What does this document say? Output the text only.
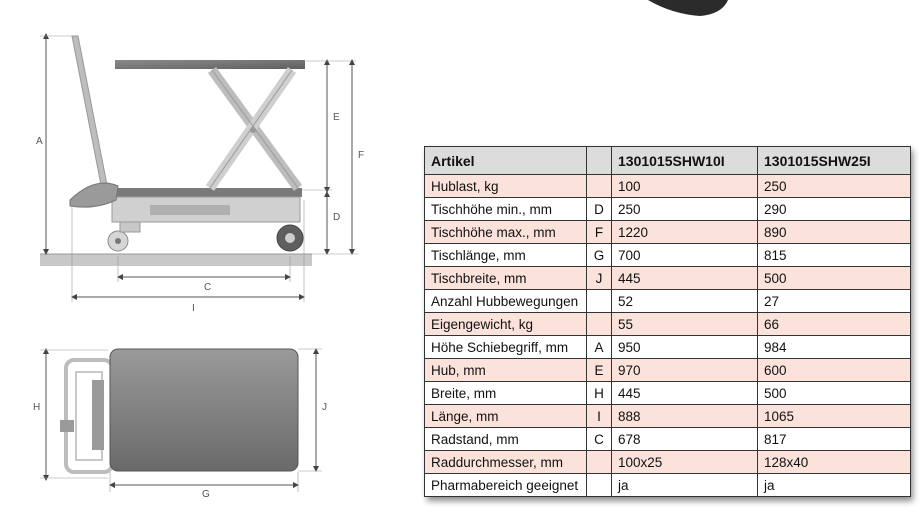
A
E
F
D
C
I
H	J
G
Artikel		1301015SHW10I	1301015SHW25I
Hublast, kg		100	250
Tischhöhe min., mm	D	250	290
Tischhöhe max., mm	F	1220	890
Tischlänge, mm	G	700	815
Tischbreite, mm	J	445	500
Anzahl Hubbewegungen		52	27
Eigengewicht, kg		55	66
Höhe Schiebegriff, mm	A	950	984
Hub, mm	E	970	600
Breite, mm	H	445	500
Länge, mm	I	888	1065
Radstand, mm	C	678	817
Raddurchmesser, mm		100x25	128x40
Pharmabereich geeignet		ja	ja
